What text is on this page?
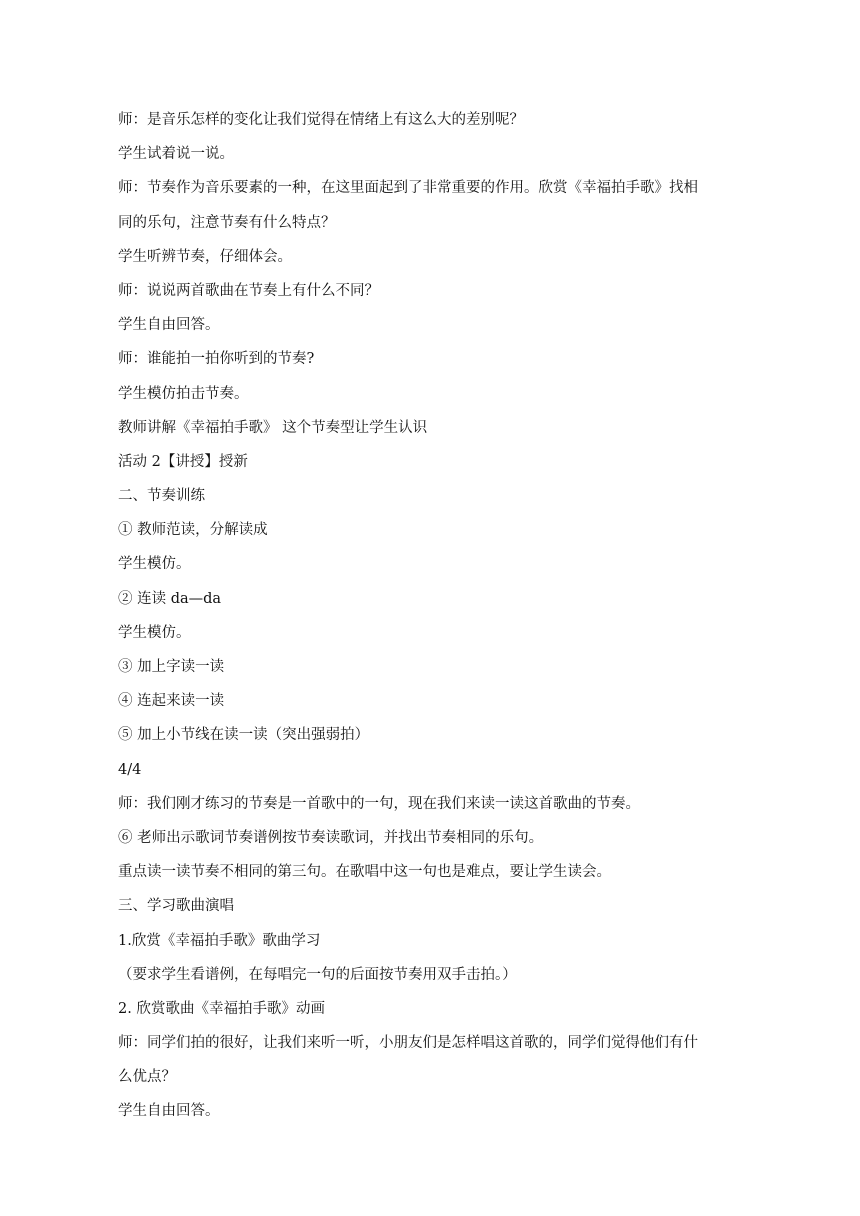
师：是音乐怎样的变化让我们觉得在情绪上有这么大的差别呢？
学生试着说一说。
师：节奏作为音乐要素的一种，在这里面起到了非常重要的作用。欣赏《幸福拍手歌》找相
同的乐句，注意节奏有什么特点？
学生听辨节奏，仔细体会。
师：说说两首歌曲在节奏上有什么不同？
学生自由回答。
师：谁能拍一拍你听到的节奏?
学生模仿拍击节奏。
教师讲解《幸福拍手歌》 这个节奏型让学生认识
活动 2【讲授】授新
二、节奏训练
① 教师范读，分解读成
学生模仿。
② 连读 da—da
学生模仿。
③ 加上字读一读
④ 连起来读一读
⑤ 加上小节线在读一读（突出强弱拍）
4/4
师：我们刚才练习的节奏是一首歌中的一句，现在我们来读一读这首歌曲的节奏。
⑥ 老师出示歌词节奏谱例按节奏读歌词，并找出节奏相同的乐句。
重点读一读节奏不相同的第三句。在歌唱中这一句也是难点，要让学生读会。
三、学习歌曲演唱
1.欣赏《幸福拍手歌》歌曲学习
（要求学生看谱例，在每唱完一句的后面按节奏用双手击拍。）
2. 欣赏歌曲《幸福拍手歌》动画
师：同学们拍的很好，让我们来听一听，小朋友们是怎样唱这首歌的，同学们觉得他们有什
么优点？
学生自由回答。
